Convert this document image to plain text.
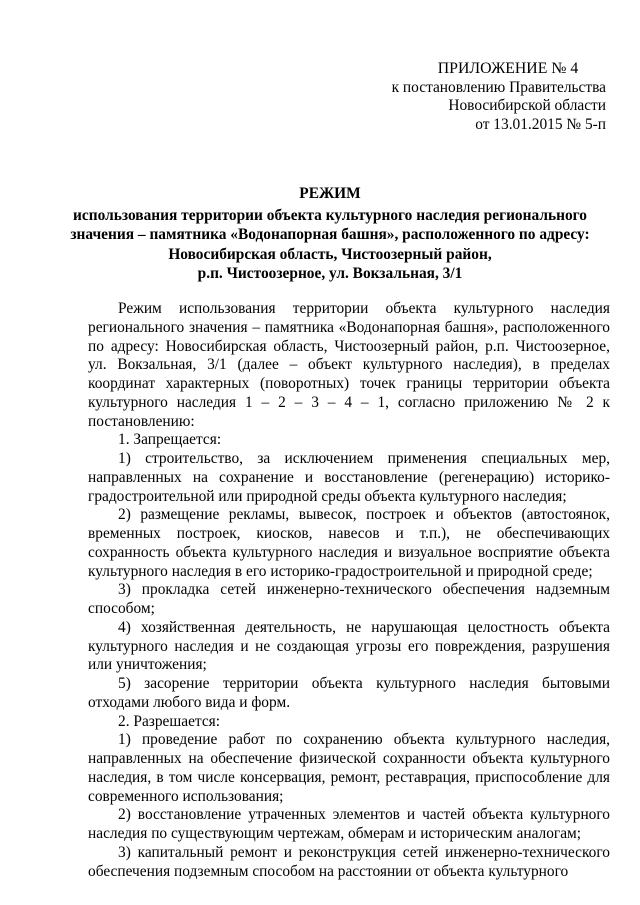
ПРИЛОЖЕНИЕ № 4
к постановлению Правительства
Новосибирской области
от 13.01.2015 № 5-п
РЕЖИМ
использования территории объекта культурного наследия регионального
значения – памятника «Водонапорная башня», расположенного по адресу:
Новосибирская область, Чистоозерный район,
р.п. Чистоозерное, ул. Вокзальная, 3/1

Режим использования территории объекта культурного наследия регионального значения – памятника «Водонапорная башня», расположенного по адресу: Новосибирская область, Чистоозерный район, р.п. Чистоозерное, ул. Вокзальная, 3/1 (далее – объект культурного наследия), в пределах координат характерных (поворотных) точек границы территории объекта культурного наследия 1 – 2 – 3 – 4 – 1, согласно приложению № 2 к постановлению:

1. Запрещается:

1) строительство, за исключением применения специальных мер, направленных на сохранение и восстановление (регенерацию) историко-градостроительной или природной среды объекта культурного наследия;

2) размещение рекламы, вывесок, построек и объектов (автостоянок, временных построек, киосков, навесов и т.п.), не обеспечивающих сохранность объекта культурного наследия и визуальное восприятие объекта культурного наследия в его историко-градостроительной и природной среде;

3) прокладка сетей инженерно-технического обеспечения надземным способом;

4) хозяйственная деятельность, не нарушающая целостность объекта культурного наследия и не создающая угрозы его повреждения, разрушения или уничтожения;

5) засорение территории объекта культурного наследия бытовыми отходами любого вида и форм.

2. Разрешается:

1) проведение работ по сохранению объекта культурного наследия, направленных на обеспечение физической сохранности объекта культурного наследия, в том числе консервация, ремонт, реставрация, приспособление для современного использования;

2) восстановление утраченных элементов и частей объекта культурного наследия по существующим чертежам, обмерам и историческим аналогам;

3) капитальный ремонт и реконструкция сетей инженерно-технического обеспечения подземным способом на расстоянии от объекта культурного
